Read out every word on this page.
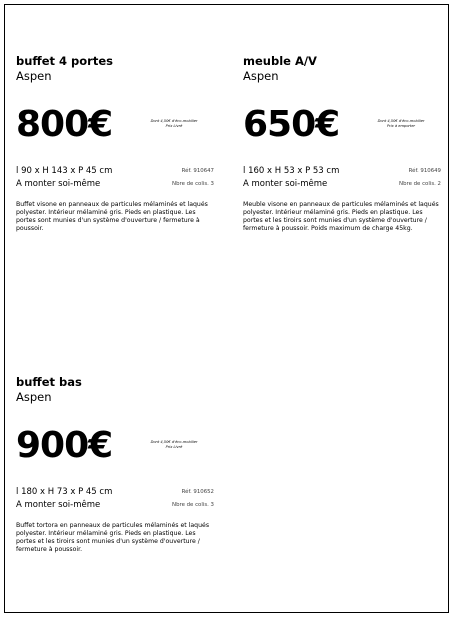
buffet 4 portes
Aspen
800€	Dont 4,50€ d'éco-mobilier
Prix Livré
l 90 x H 143 x P 45 cm	Réf. 910647
A monter soi-même	Nbre de colis. 3
Buffet visone en panneaux de particules mélaminés et laqués polyester. Intérieur mélaminé gris. Pieds en plastique. Les portes sont munies d'un système d'ouverture / fermeture à poussoir.
meuble A/V
Aspen
650€	Dont 4,50€ d'éco-mobilier
Prix à emporter
l 160 x H 53 x P 53 cm	Réf. 910649
A monter soi-même	Nbre de colis. 2
Meuble visone en panneaux de particules mélaminés et laqués polyester. Intérieur mélaminé gris. Pieds en plastique. Les portes et les tiroirs sont munies d'un système d'ouverture / fermeture à poussoir. Poids maximum de charge 45kg.
buffet bas
Aspen
900€	Dont 4,50€ d'éco-mobilier
Prix Livré
l 180 x H 73 x P 45 cm	Réf. 910652
A monter soi-même	Nbre de colis. 3
Buffet tortora en panneaux de particules mélaminés et laqués polyester. Intérieur mélaminé gris. Pieds en plastique. Les portes et les tiroirs sont munies d'un système d'ouverture / fermeture à poussoir.
